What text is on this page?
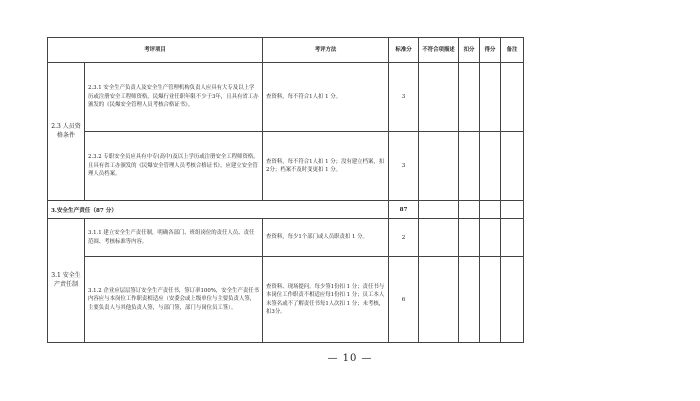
考评项目		考评方法	标准分	不符合项描述	扣分	得分	备注
2.3 人员资格条件	2.3.1 安全生产负责人及安全生产管理机构负责人应具有大专及以上学历或注册安全工程师资格，民爆行业任职年限不少于3年，且具有省工办颁发的《民爆安全管理人员考核合格证书》。	查资料，每不符合1人扣 1 分。	3				
	2.3.2 专职安全员应具有中专(高中)及以上学历或注册安全工程师资格，且具有省工办颁发的《民爆安全管理人员考核合格证书》，应建立安全管理人员档案。	查资料，每不符合1人扣 1 分；没有建立档案，扣2分；档案不及时变更扣 1 分。	3				
3.安全生产责任（87 分）			87				
3.1 安全生产责任制	3.1.1 建立安全生产责任制，明确各部门、班组岗位的责任人员、责任范围、考核标准等内容。	查资料，每少1个部门或人员职责扣 1 分。	2				
	3.1.2 企业应层层签订安全生产责任书，签订率100%，安全生产责任书内容应与本岗位工作职责相适应（安委会或上级单位与主要负责人签，主要负责人与其他负责人签，与部门签，部门与岗位员工签）。	查资料、现场提问。每少签1份扣 1 分；责任书与本岗位工作职责不相适应每1份扣 1 分；员工本人未签名或不了解责任书每1人次扣 1 分；未考核，扣3分。	6				
— 10 —
